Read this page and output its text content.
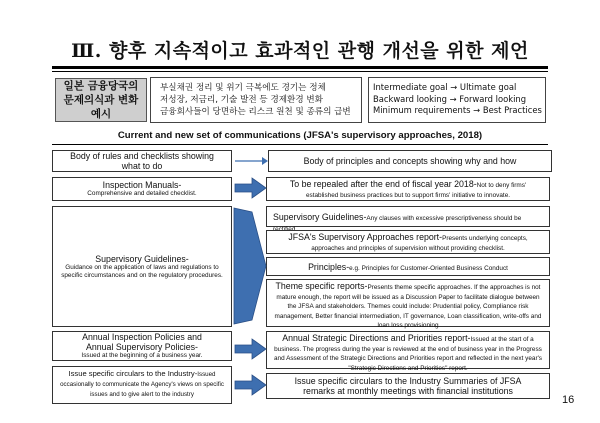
Ⅲ. 향후 지속적이고 효과적인 관행 개선을 위한 제언
일본 금융당국의
문제의식과 변화
예시
부실채권 정리 및 위기 극복에도 경기는 정체
저성장, 저금리, 기술 발전 등 경제환경 변화
금융회사들이 당면하는 리스크 원천 및 종류의 급변
Intermediate goal → Ultimate goal
Backward looking → Forward looking
Minimum requirements → Best Practices
Current and new set of communications (JFSA's supervisory approaches, 2018)
Body of rules and checklists showing what to do
Inspection Manuals-
Comprehensive and detailed checklist.
Supervisory Guidelines-
Guidance on the application of laws and regulations to specific circumstances and on the regulatory procedures.
Annual Inspection Policies and
Annual Supervisory Policies-
Issued at the beginning of a business year.
Issue specific circulars to the Industry-Issued occasionally to communicate the Agency's views on specific issues and to give alert to the industry
Body of principles and concepts showing why and how
To be repealed after the end of fiscal year 2018-Not to deny firms' established business practices but to support firms' initiative to innovate.
Supervisory Guidelines-Any clauses with excessive prescriptiveness should be rectified.
JFSA's Supervisory Approaches report-Presents underlying concepts, approaches and principles of supervision without providing checklist.
Principles-e.g. Principles for Customer-Oriented Business Conduct
Theme specific reports-Presents theme specific approaches. If the approaches is not mature enough, the report will be issued as a Discussion Paper to facilitate dialogue between the JFSA and stakeholders. Themes could include: Prudential policy, Compliance risk management, Better financial intermediation, IT governance, Loan classification, write-offs and loan loss provisioning
Annual Strategic Directions and Priorities report-Issued at the start of a business. The progress during the year is reviewed at the end of business year in the Progress and Assessment of the Strategic Directions and Priorities report and reflected in the next year's "Strategic Directions and Priorities" report.
Issue specific circulars to the Industry Summaries of JFSA remarks at monthly meetings with financial institutions
16
